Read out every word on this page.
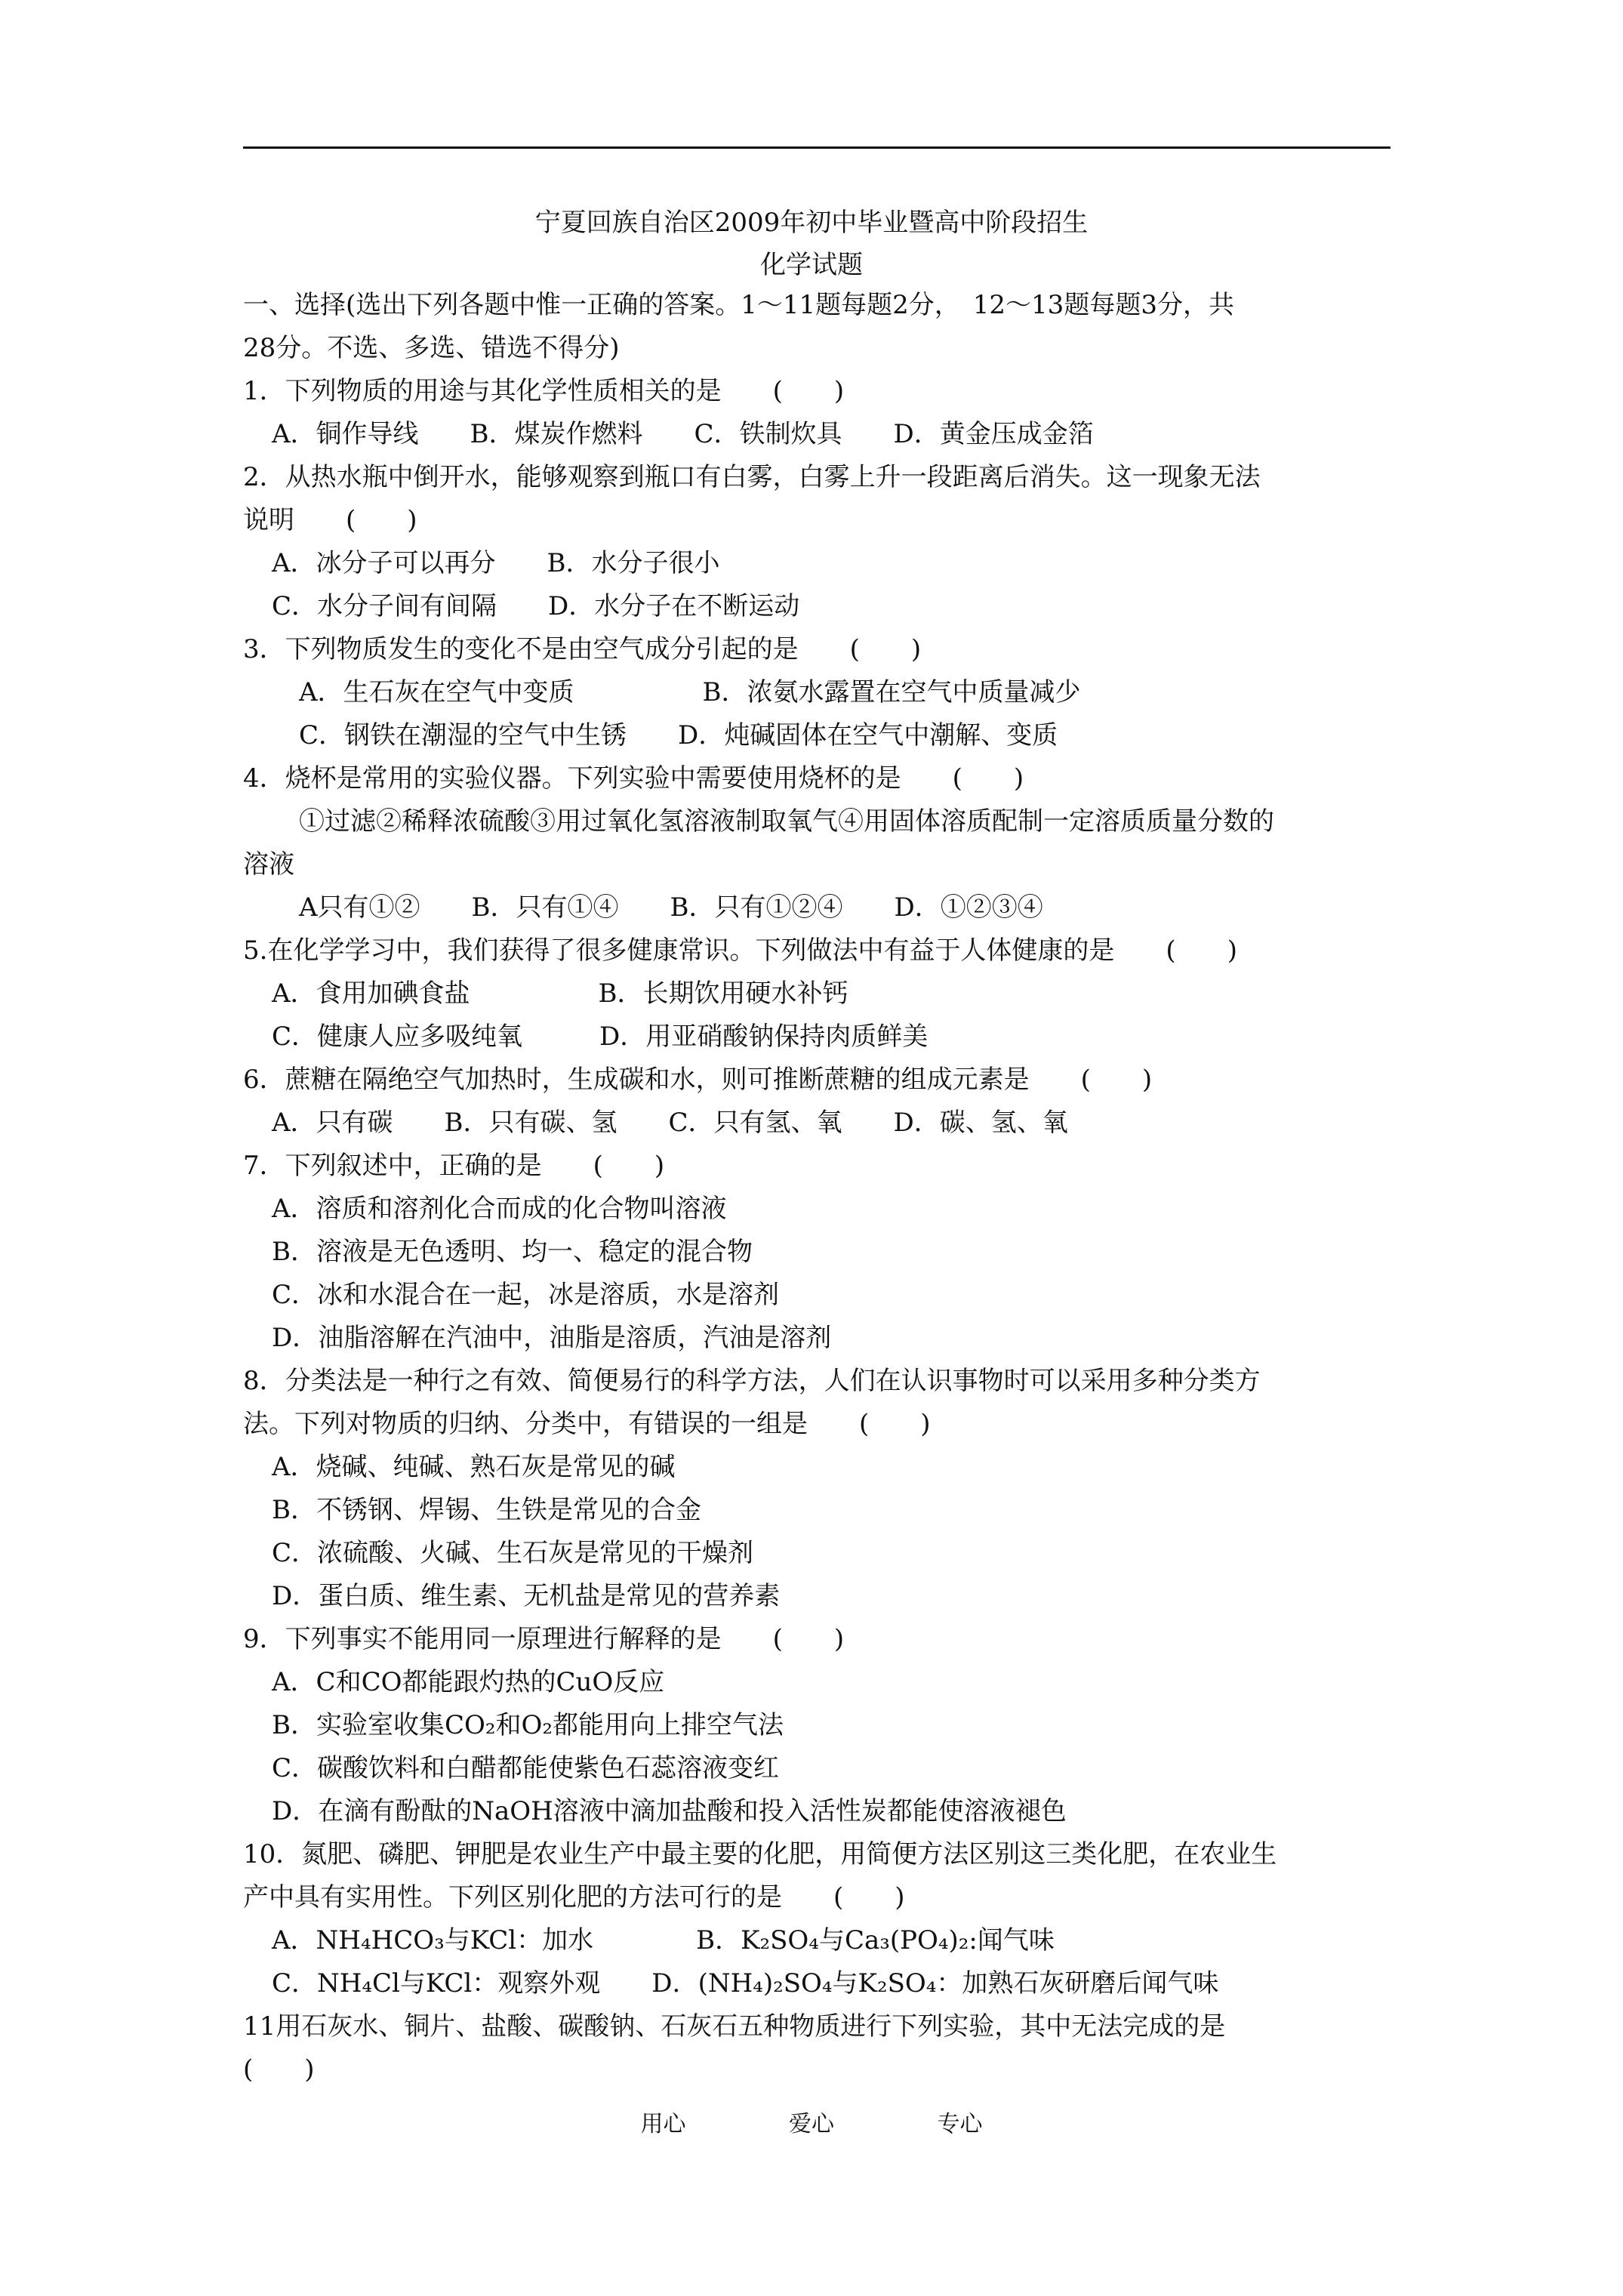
宁夏回族自治区2009年初中毕业暨高中阶段招生
化学试题
一、选择(选出下列各题中惟一正确的答案。1～11题每题2分，　12～13题每题3分，共
28分。不选、多选、错选不得分)
1．下列物质的用途与其化学性质相关的是　　(　　)
A．铜作导线　　B．煤炭作燃料　　C．铁制炊具　　D．黄金压成金箔
2．从热水瓶中倒开水，能够观察到瓶口有白雾，白雾上升一段距离后消失。这一现象无法
说明　　(　　)
A．冰分子可以再分　　B．水分子很小
C．水分子间有间隔　　D．水分子在不断运动
3．下列物质发生的变化不是由空气成分引起的是　　(　　)
A．生石灰在空气中变质　　　　　B．浓氨水露置在空气中质量减少
C．钢铁在潮湿的空气中生锈　　D．炖碱固体在空气中潮解、变质
4．烧杯是常用的实验仪器。下列实验中需要使用烧杯的是　　(　　)
①过滤②稀释浓硫酸③用过氧化氢溶液制取氧气④用固体溶质配制一定溶质质量分数的
溶液
A只有①②　　B．只有①④　　B．只有①②④　　D．①②③④
5.在化学学习中，我们获得了很多健康常识。下列做法中有益于人体健康的是　　(　　)
A．食用加碘食盐　　　　　B．长期饮用硬水补钙
C．健康人应多吸纯氧　　　D．用亚硝酸钠保持肉质鲜美
6．蔗糖在隔绝空气加热时，生成碳和水，则可推断蔗糖的组成元素是　　(　　)
A．只有碳　　B．只有碳、氢　　C．只有氢、氧　　D．碳、氢、氧
7．下列叙述中，正确的是　　(　　)
A．溶质和溶剂化合而成的化合物叫溶液
B．溶液是无色透明、均一、稳定的混合物
C．冰和水混合在一起，冰是溶质，水是溶剂
D．油脂溶解在汽油中，油脂是溶质，汽油是溶剂
8．分类法是一种行之有效、简便易行的科学方法，人们在认识事物时可以采用多种分类方
法。下列对物质的归纳、分类中，有错误的一组是　　(　　)
A．烧碱、纯碱、熟石灰是常见的碱
B．不锈钢、焊锡、生铁是常见的合金
C．浓硫酸、火碱、生石灰是常见的干燥剂
D．蛋白质、维生素、无机盐是常见的营养素
9．下列事实不能用同一原理进行解释的是　　(　　)
A．C和CO都能跟灼热的CuO反应
B．实验室收集CO₂和O₂都能用向上排空气法
C．碳酸饮料和白醋都能使紫色石蕊溶液变红
D．在滴有酚酞的NaOH溶液中滴加盐酸和投入活性炭都能使溶液褪色
10．氮肥、磷肥、钾肥是农业生产中最主要的化肥，用简便方法区别这三类化肥，在农业生
产中具有实用性。下列区别化肥的方法可行的是　　(　　)
A．NH₄HCO₃与KCl：加水　　　　B．K₂SO₄与Ca₃(PO₄)₂:闻气味
C．NH₄Cl与KCl：观察外观　　D．(NH₄)₂SO₄与K₂SO₄：加熟石灰研磨后闻气味
11用石灰水、铜片、盐酸、碳酸钠、石灰石五种物质进行下列实验，其中无法完成的是
(　　)
用心	爱心	专心
